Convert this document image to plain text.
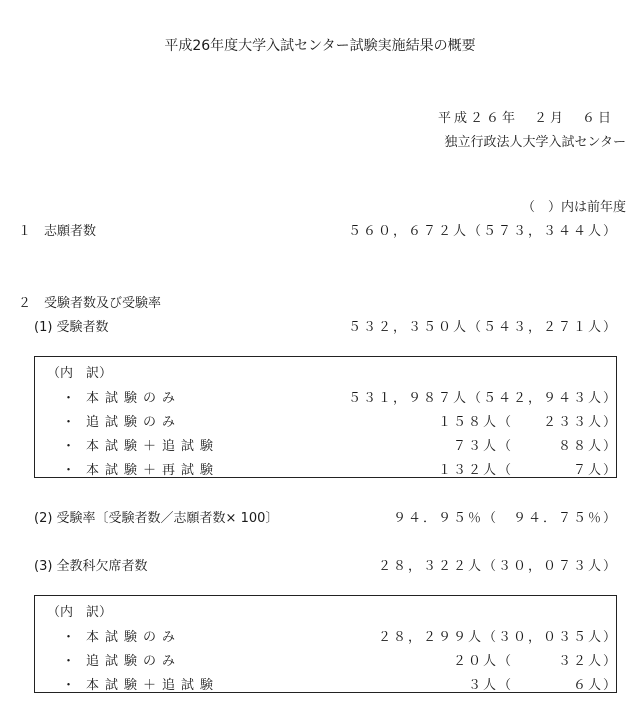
平成26年度大学入試センター試験実施結果の概要
平成２６年　２月　６日
独立行政法人大学入試センター
（　）内は前年度
１　志願者数	５６０，６７２人（５７３，３４４人）
２　受験者数及び受験率
(1) 受験者数	５３２，３５０人（５４３，２７１人）
（内　訳）
・ 本試験のみ	５３１，９８７人（５４２，９４３人）
・ 追試験のみ	１５８人（　　２３３人）
・ 本試験＋追試験	７３人（　　　８８人）
・ 本試験＋再試験	１３２人（　　　　７人）
(2) 受験率〔受験者数／志願者数× 100〕	９４．９５％（　９４．７５％）
(3) 全教科欠席者数	２８，３２２人（３０，０７３人）
（内　訳）
・ 本試験のみ	２８，２９９人（３０，０３５人）
・ 追試験のみ	２０人（　　　３２人）
・ 本試験＋追試験	３人（　　　　６人）
